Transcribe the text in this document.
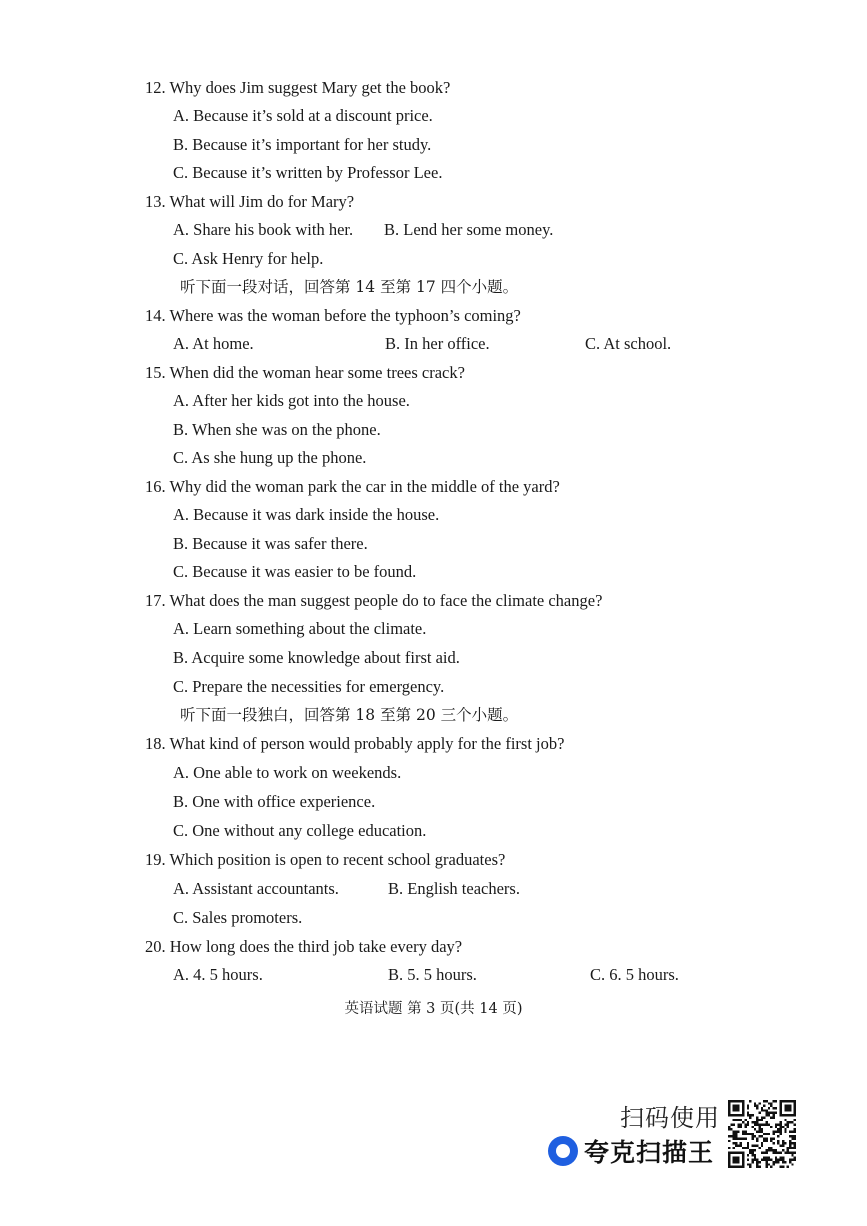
12. Why does Jim suggest Mary get the book?
A. Because it’s sold at a discount price.
B. Because it’s important for her study.
C. Because it’s written by Professor Lee.
13. What will Jim do for Mary?
A. Share his book with her. B. Lend her some money.
C. Ask Henry for help.
听下面一段对话，回答第 14 至第 17 四个小题。
14. Where was the woman before the typhoon’s coming?
A. At home.	B. In her office.	C. At school.
15. When did the woman hear some trees crack?
A. After her kids got into the house.
B. When she was on the phone.
C. As she hung up the phone.
16. Why did the woman park the car in the middle of the yard?
A. Because it was dark inside the house.
B. Because it was safer there.
C. Because it was easier to be found.
17. What does the man suggest people do to face the climate change?
A. Learn something about the climate.
B. Acquire some knowledge about first aid.
C. Prepare the necessities for emergency.
听下面一段独白，回答第 18 至第 20 三个小题。
18. What kind of person would probably apply for the first job?
A. One able to work on weekends.
B. One with office experience.
C. One without any college education.
19. Which position is open to recent school graduates?
A. Assistant accountants.	B. English teachers.
C. Sales promoters.
20. How long does the third job take every day?
A. 4. 5 hours.	B. 5. 5 hours.	C. 6. 5 hours.
英语试题 第 3 页(共 14 页)
扫码使用
夸克扫描王
